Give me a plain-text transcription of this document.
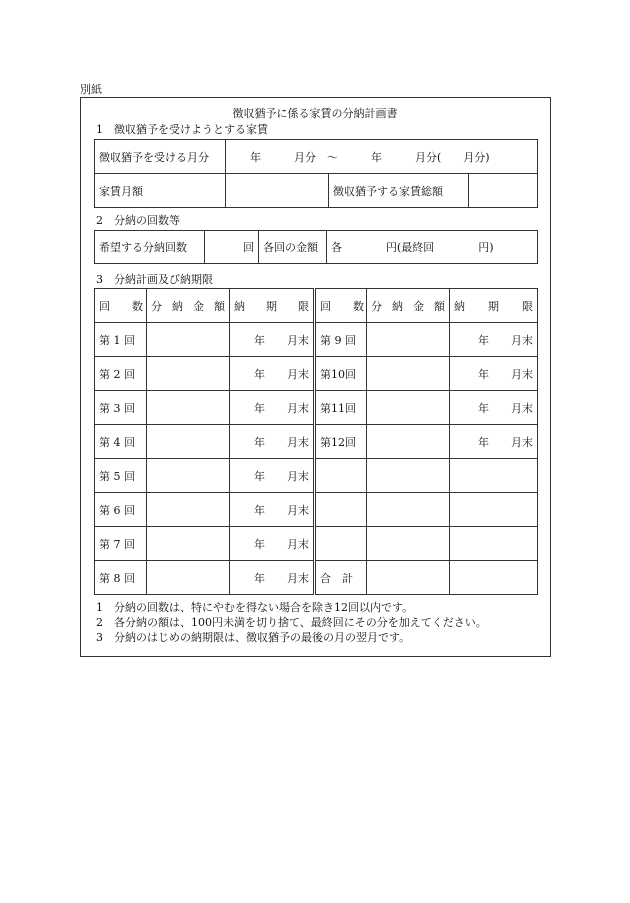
別紙
徴収猶予に係る家賃の分納計画書
1　徴収猶予を受けようとする家賃
徴収猶予を受ける月分	年　　　月分　～　　　年　　　月分(　　月分)		
家賃月額		徴収猶予する家賃総額	
2　分納の回数等
希望する分納回数	回	各回の金額	各　　　　円(最終回　　　　円)
3　分納計画及び納期限
回　　数	分 納 金 額	納　期　限	回　　数	分 納 金 額	納　期　限
第 1 回		年　　月末	第 9 回		年　　月末
第 2 回		年　　月末	第10回		年　　月末
第 3 回		年　　月末	第11回		年　　月末
第 4 回		年　　月末	第12回		年　　月末
第 5 回		年　　月末			
第 6 回		年　　月末			
第 7 回		年　　月末			
第 8 回		年　　月末	合　計		
1　分納の回数は、特にやむを得ない場合を除き12回以内です。
2　各分納の額は、100円未満を切り捨て、最終回にその分を加えてください。
3　分納のはじめの納期限は、徴収猶予の最後の月の翌月です。
